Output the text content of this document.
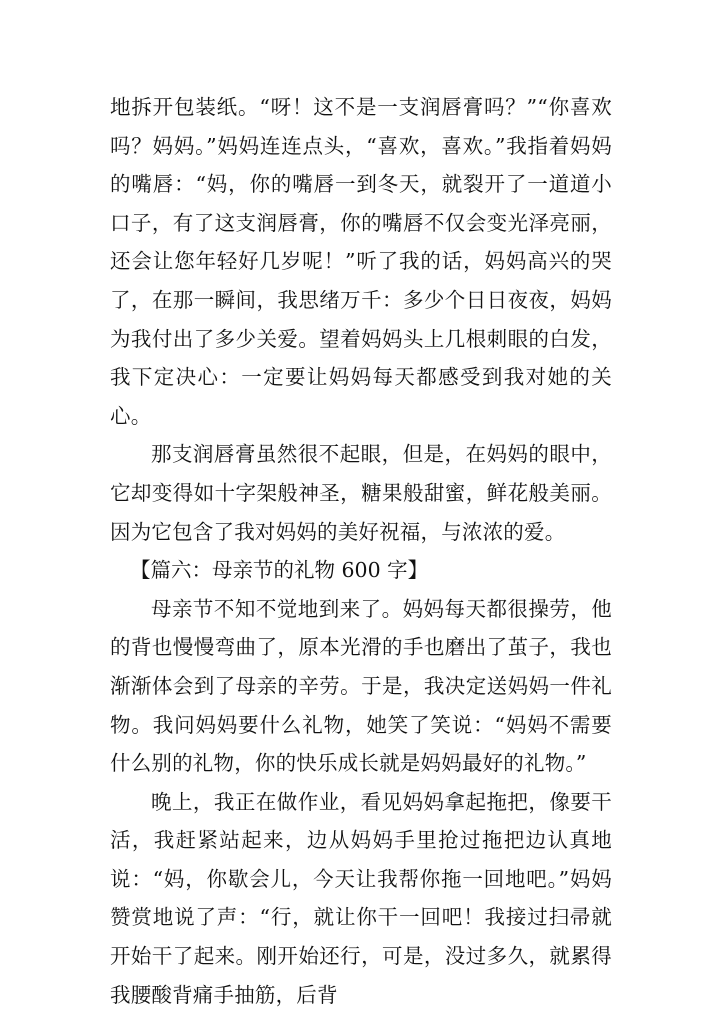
地拆开包装纸。“呀！这不是一支润唇膏吗？”“你喜欢吗？妈妈。”妈妈连连点头，“喜欢，喜欢。”我指着妈妈的嘴唇：“妈，你的嘴唇一到冬天，就裂开了一道道小口子，有了这支润唇膏，你的嘴唇不仅会变光泽亮丽，还会让您年轻好几岁呢！”听了我的话，妈妈高兴的哭了，在那一瞬间，我思绪万千：多少个日日夜夜，妈妈为我付出了多少关爱。望着妈妈头上几根刺眼的白发，我下定决心：一定要让妈妈每天都感受到我对她的关心。

那支润唇膏虽然很不起眼，但是，在妈妈的眼中，它却变得如十字架般神圣，糖果般甜蜜，鲜花般美丽。因为它包含了我对妈妈的美好祝福，与浓浓的爱。

【篇六：母亲节的礼物 600 字】

母亲节不知不觉地到来了。妈妈每天都很操劳，他的背也慢慢弯曲了，原本光滑的手也磨出了茧子，我也渐渐体会到了母亲的辛劳。于是，我决定送妈妈一件礼物。我问妈妈要什么礼物，她笑了笑说：“妈妈不需要什么别的礼物，你的快乐成长就是妈妈最好的礼物。”

晚上，我正在做作业，看见妈妈拿起拖把，像要干活，我赶紧站起来，边从妈妈手里抢过拖把边认真地说：“妈，你歇会儿，今天让我帮你拖一回地吧。”妈妈赞赏地说了声：“行，就让你干一回吧！我接过扫帚就开始干了起来。刚开始还行，可是，没过多久，就累得我腰酸背痛手抽筋，后背
